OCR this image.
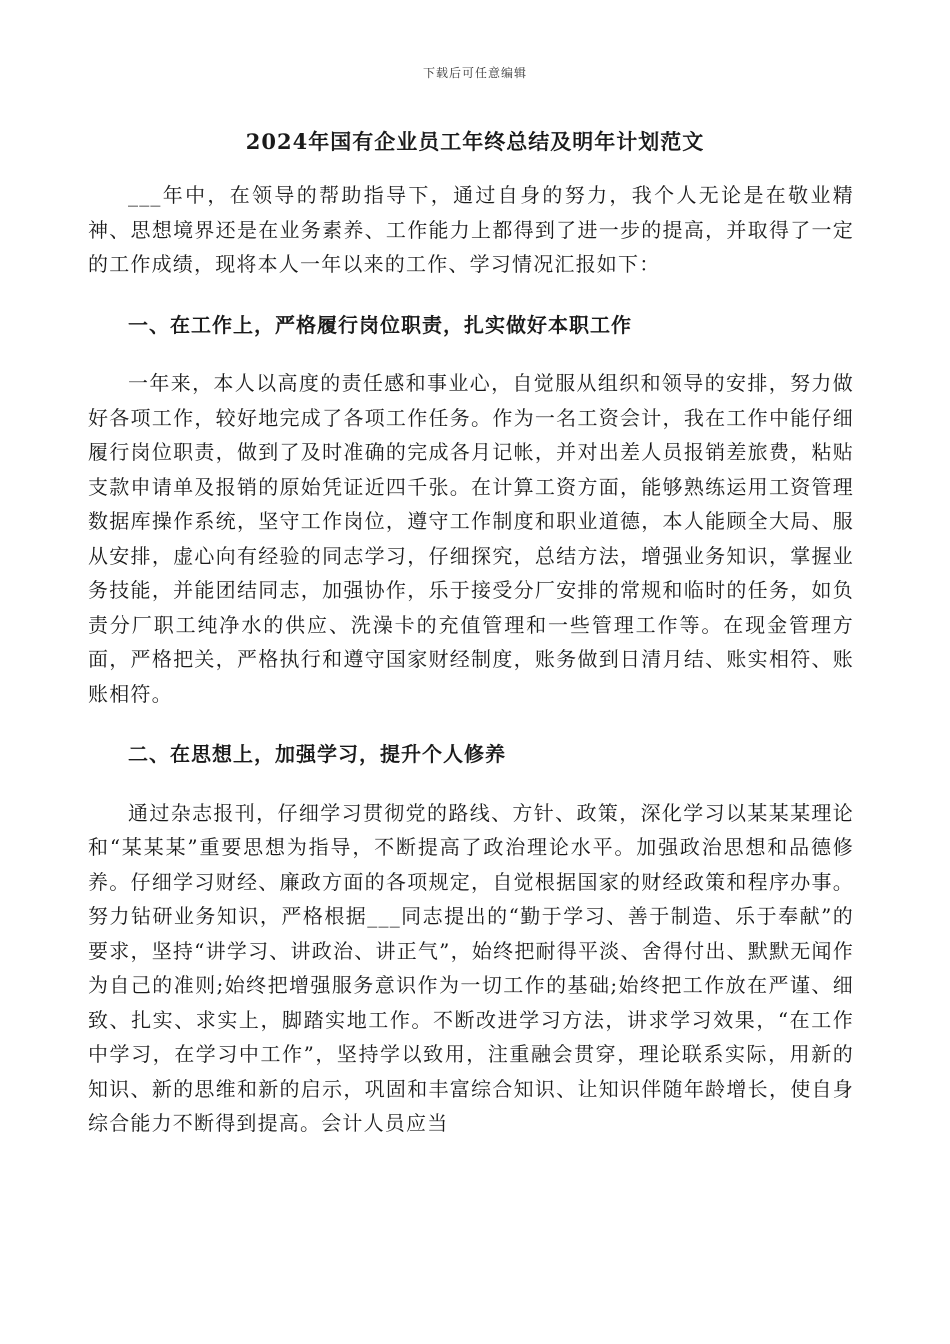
下载后可任意编辑
2024年国有企业员工年终总结及明年计划范文

___年中，在领导的帮助指导下，通过自身的努力，我个人无论是在敬业精神、思想境界还是在业务素养、工作能力上都得到了进一步的提高，并取得了一定的工作成绩，现将本人一年以来的工作、学习情况汇报如下：

一、在工作上，严格履行岗位职责，扎实做好本职工作

一年来，本人以高度的责任感和事业心，自觉服从组织和领导的安排，努力做好各项工作，较好地完成了各项工作任务。作为一名工资会计，我在工作中能仔细履行岗位职责，做到了及时准确的完成各月记帐，并对出差人员报销差旅费，粘贴支款申请单及报销的原始凭证近四千张。在计算工资方面，能够熟练运用工资管理数据库操作系统，坚守工作岗位，遵守工作制度和职业道德，本人能顾全大局、服从安排，虚心向有经验的同志学习，仔细探究，总结方法，增强业务知识，掌握业务技能，并能团结同志，加强协作，乐于接受分厂安排的常规和临时的任务，如负责分厂职工纯净水的供应、洗澡卡的充值管理和一些管理工作等。在现金管理方面，严格把关，严格执行和遵守国家财经制度，账务做到日清月结、账实相符、账账相符。

二、在思想上，加强学习，提升个人修养

通过杂志报刊，仔细学习贯彻党的路线、方针、政策，深化学习以某某某理论和“某某某”重要思想为指导，不断提高了政治理论水平。加强政治思想和品德修养。仔细学习财经、廉政方面的各项规定，自觉根据国家的财经政策和程序办事。努力钻研业务知识，严格根据___同志提出的“勤于学习、善于制造、乐于奉献”的要求，坚持“讲学习、讲政治、讲正气”，始终把耐得平淡、舍得付出、默默无闻作为自己的准则;始终把增强服务意识作为一切工作的基础;始终把工作放在严谨、细致、扎实、求实上，脚踏实地工作。不断改进学习方法，讲求学习效果，“在工作中学习，在学习中工作”，坚持学以致用，注重融会贯穿，理论联系实际，用新的知识、新的思维和新的启示，巩固和丰富综合知识、让知识伴随年龄增长，使自身综合能力不断得到提高。会计人员应当
